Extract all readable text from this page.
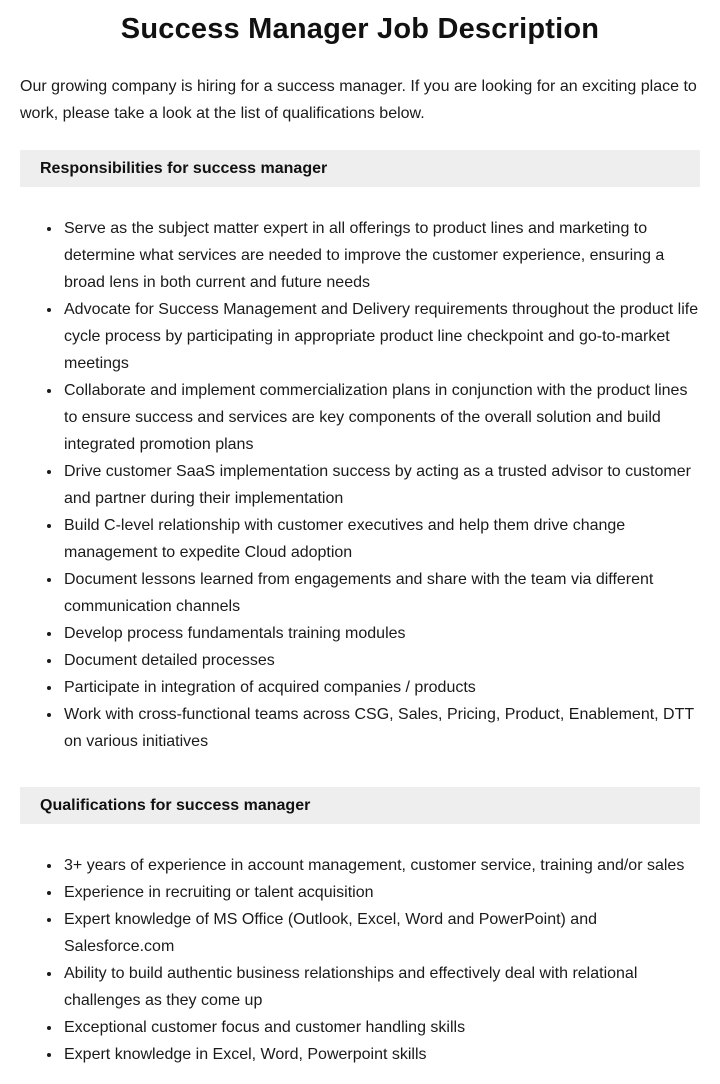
Success Manager Job Description

Our growing company is hiring for a success manager. If you are looking for an exciting place to work, please take a look at the list of qualifications below.

Responsibilities for success manager
• Serve as the subject matter expert in all offerings to product lines and marketing to determine what services are needed to improve the customer experience, ensuring a broad lens in both current and future needs
• Advocate for Success Management and Delivery requirements throughout the product life cycle process by participating in appropriate product line checkpoint and go-to-market meetings
• Collaborate and implement commercialization plans in conjunction with the product lines to ensure success and services are key components of the overall solution and build integrated promotion plans
• Drive customer SaaS implementation success by acting as a trusted advisor to customer and partner during their implementation
• Build C-level relationship with customer executives and help them drive change management to expedite Cloud adoption
• Document lessons learned from engagements and share with the team via different communication channels
• Develop process fundamentals training modules
• Document detailed processes
• Participate in integration of acquired companies / products
• Work with cross-functional teams across CSG, Sales, Pricing, Product, Enablement, DTT on various initiatives
Qualifications for success manager
• 3+ years of experience in account management, customer service, training and/or sales
• Experience in recruiting or talent acquisition
• Expert knowledge of MS Office (Outlook, Excel, Word and PowerPoint) and Salesforce.com
• Ability to build authentic business relationships and effectively deal with relational challenges as they come up
• Exceptional customer focus and customer handling skills
• Expert knowledge in Excel, Word, Powerpoint skills
